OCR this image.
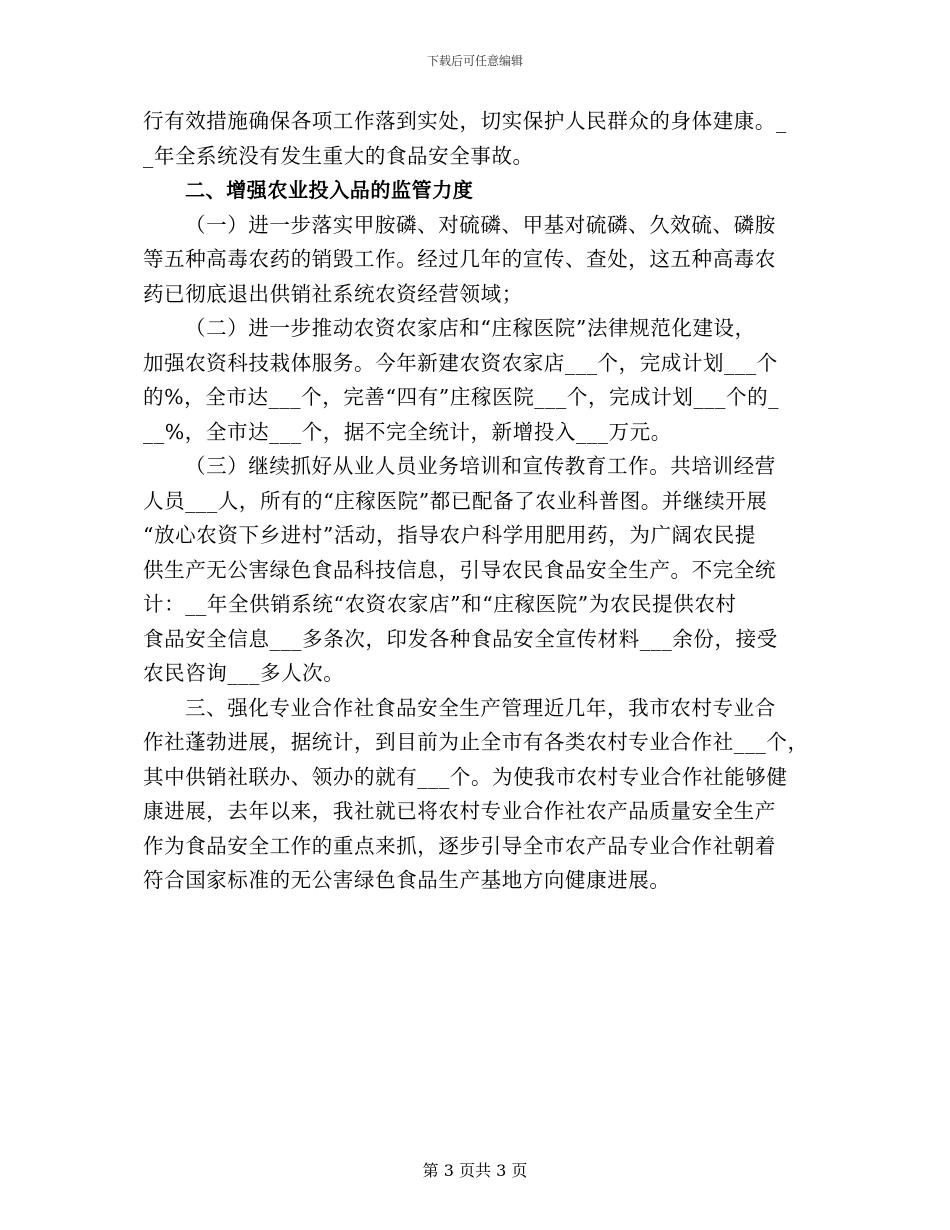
下载后可任意编辑
行有效措施确保各项工作落到实处，切实保护人民群众的身体建康。_
_年全系统没有发生重大的食品安全事故。
二、增强农业投入品的监管力度
（一）进一步落实甲胺磷、对硫磷、甲基对硫磷、久效硫、磷胺
等五种高毒农药的销毁工作。经过几年的宣传、查处，这五种高毒农
药已彻底退出供销社系统农资经营领域；
（二）进一步推动农资农家店和“庄稼医院”法律规范化建设，
加强农资科技栽体服务。今年新建农资农家店___个，完成计划___个
的%，全市达___个，完善“四有”庄稼医院___个，完成计划___个的_
__%，全市达___个，据不完全统计，新增投入___万元。
（三）继续抓好从业人员业务培训和宣传教育工作。共培训经营
人员___人，所有的“庄稼医院”都已配备了农业科普图。并继续开展
“放心农资下乡进村”活动，指导农户科学用肥用药，为广阔农民提
供生产无公害绿色食品科技信息，引导农民食品安全生产。不完全统
计：__年全供销系统“农资农家店”和“庄稼医院”为农民提供农村
食品安全信息___多条次，印发各种食品安全宣传材料___余份，接受
农民咨询___多人次。
三、强化专业合作社食品安全生产管理近几年，我市农村专业合
作社蓬勃进展，据统计，到目前为止全市有各类农村专业合作社___个，
其中供销社联办、领办的就有___个。为使我市农村专业合作社能够健
康进展，去年以来，我社就已将农村专业合作社农产品质量安全生产
作为食品安全工作的重点来抓，逐步引导全市农产品专业合作社朝着
符合国家标准的无公害绿色食品生产基地方向健康进展。
第 3 页共 3 页
